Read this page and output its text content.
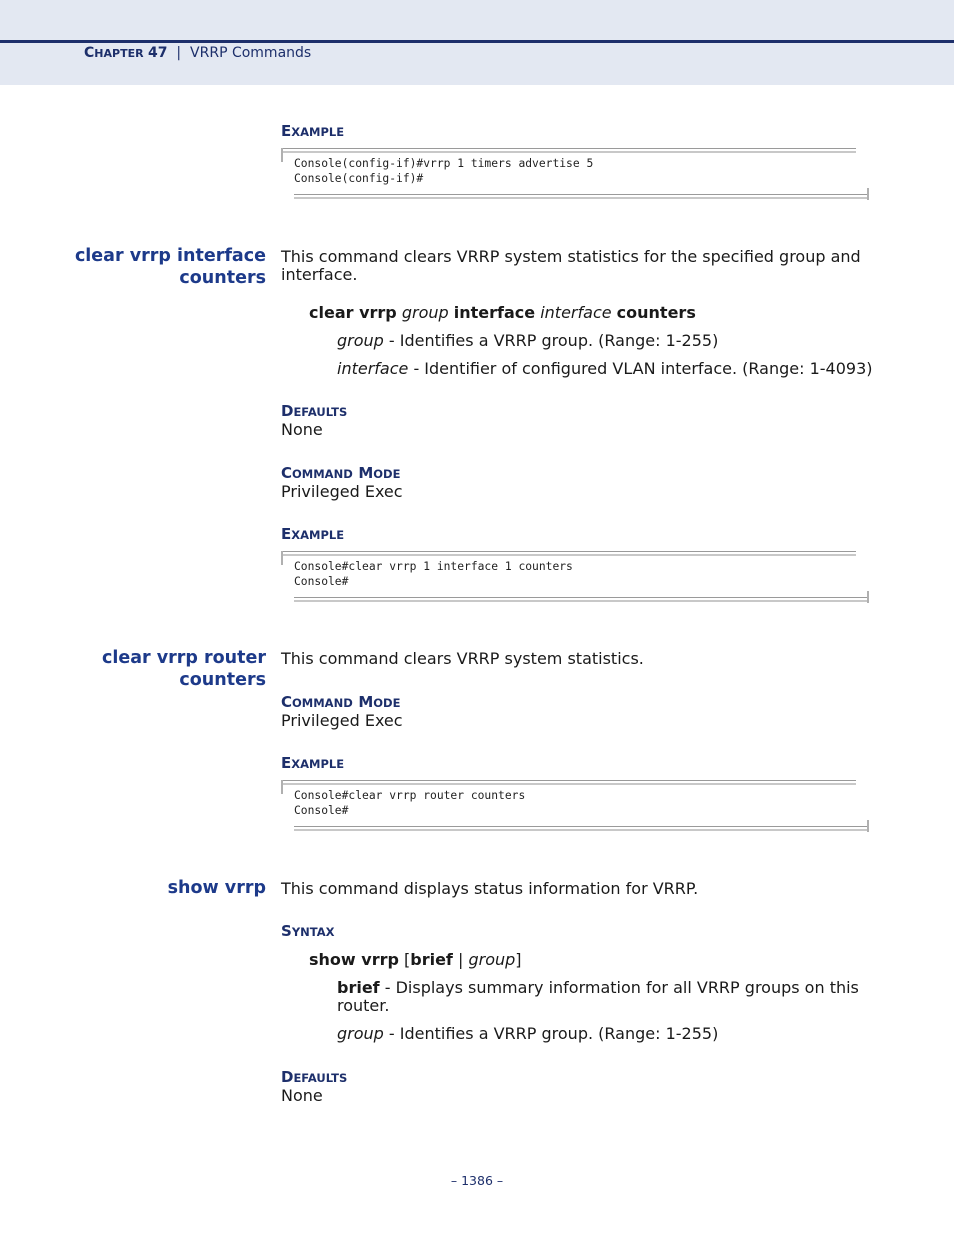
CHAPTER 47 | VRRP Commands
EXAMPLE
Console(config-if)#vrrp 1 timers advertise 5
Console(config-if)#
clear vrrp interface
counters
This command clears VRRP system statistics for the specified group and interface.
clear vrrp group interface interface counters
group - Identifies a VRRP group. (Range: 1-255)
interface - Identifier of configured VLAN interface. (Range: 1-4093)
DEFAULTS
None
COMMAND MODE
Privileged Exec
EXAMPLE
Console#clear vrrp 1 interface 1 counters
Console#
clear vrrp router
counters
This command clears VRRP system statistics.
COMMAND MODE
Privileged Exec
EXAMPLE
Console#clear vrrp router counters
Console#
show vrrp This command displays status information for VRRP.
SYNTAX
show vrrp [brief | group]
brief - Displays summary information for all VRRP groups on this router.
group - Identifies a VRRP group. (Range: 1-255)
DEFAULTS
None
– 1386 –
